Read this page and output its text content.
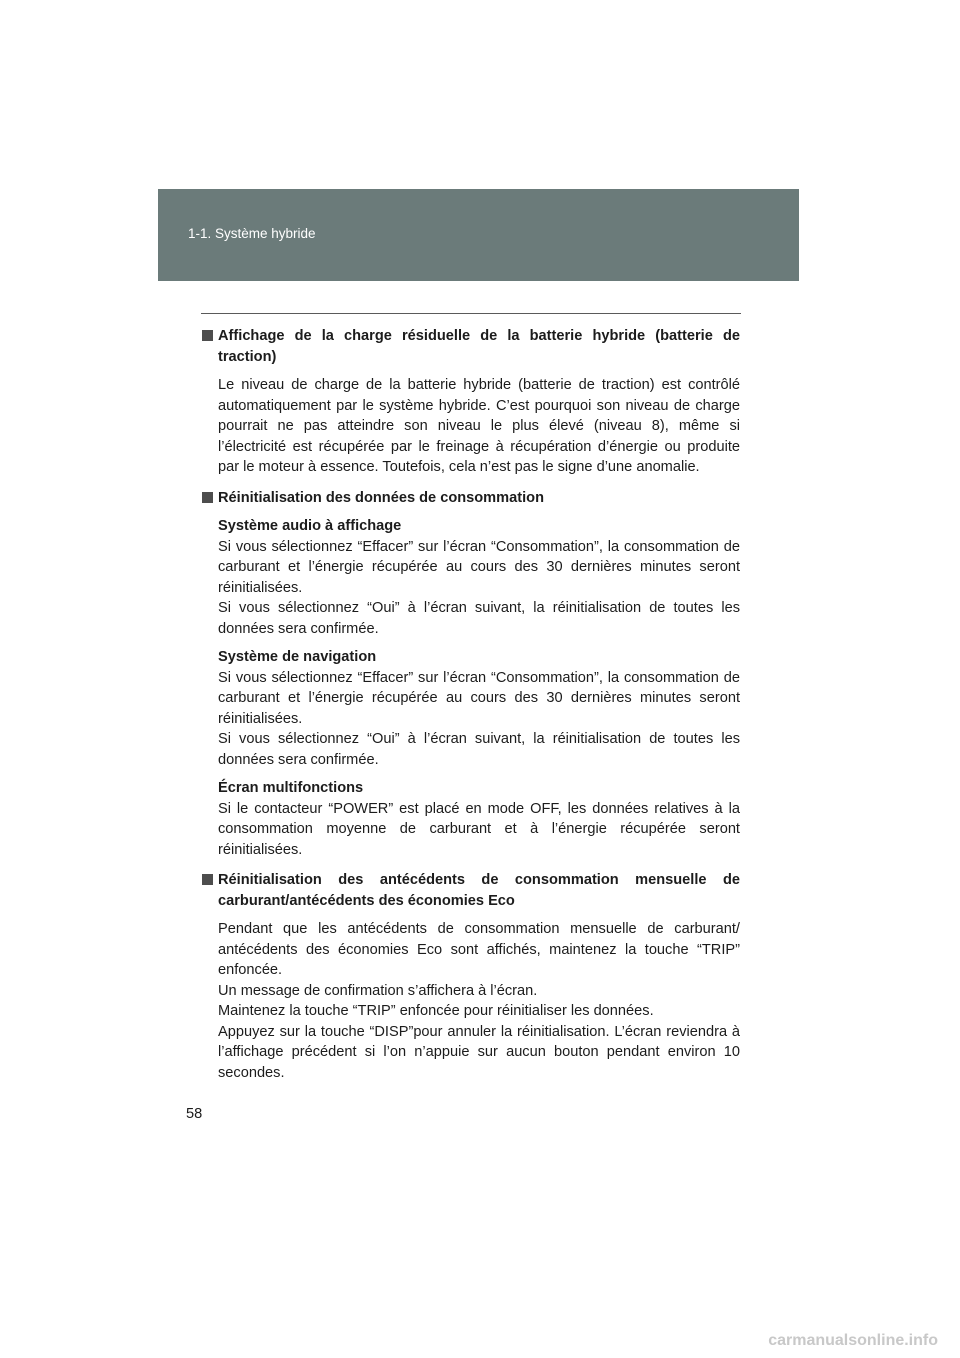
1-1. Système hybride
Affichage de la charge résiduelle de la batterie hybride (batterie de traction)

Le niveau de charge de la batterie hybride (batterie de traction) est contrôlé automatiquement par le système hybride. C’est pourquoi son niveau de charge pourrait ne pas atteindre son niveau le plus élevé (niveau 8), même si l’électricité est récupérée par le freinage à récupération d’énergie ou produite par le moteur à essence. Toutefois, cela n’est pas le signe d’une anomalie.

Réinitialisation des données de consommation

Système audio à affichage

Si vous sélectionnez “Effacer” sur l’écran “Consommation”, la consommation de carburant et l’énergie récupérée au cours des 30 dernières minutes seront réinitialisées.

Si vous sélectionnez “Oui” à l’écran suivant, la réinitialisation de toutes les données sera confirmée.

Système de navigation

Si vous sélectionnez “Effacer” sur l’écran “Consommation”, la consommation de carburant et l’énergie récupérée au cours des 30 dernières minutes seront réinitialisées.

Si vous sélectionnez “Oui” à l’écran suivant, la réinitialisation de toutes les données sera confirmée.

Écran multifonctions

Si le contacteur “POWER” est placé en mode OFF, les données relatives à la consommation moyenne de carburant et à l’énergie récupérée seront réinitialisées.

Réinitialisation des antécédents de consommation mensuelle de carburant/antécédents des économies Eco

Pendant que les antécédents de consommation mensuelle de carburant/ antécédents des économies Eco sont affichés, maintenez la touche “TRIP” enfoncée.

Un message de confirmation s’affichera à l’écran.

Maintenez la touche “TRIP” enfoncée pour réinitialiser les données.

Appuyez sur la touche “DISP”pour annuler la réinitialisation. L’écran reviendra à l’affichage précédent si l’on n’appuie sur aucun bouton pendant environ 10 secondes.

58
carmanualsonline.info
